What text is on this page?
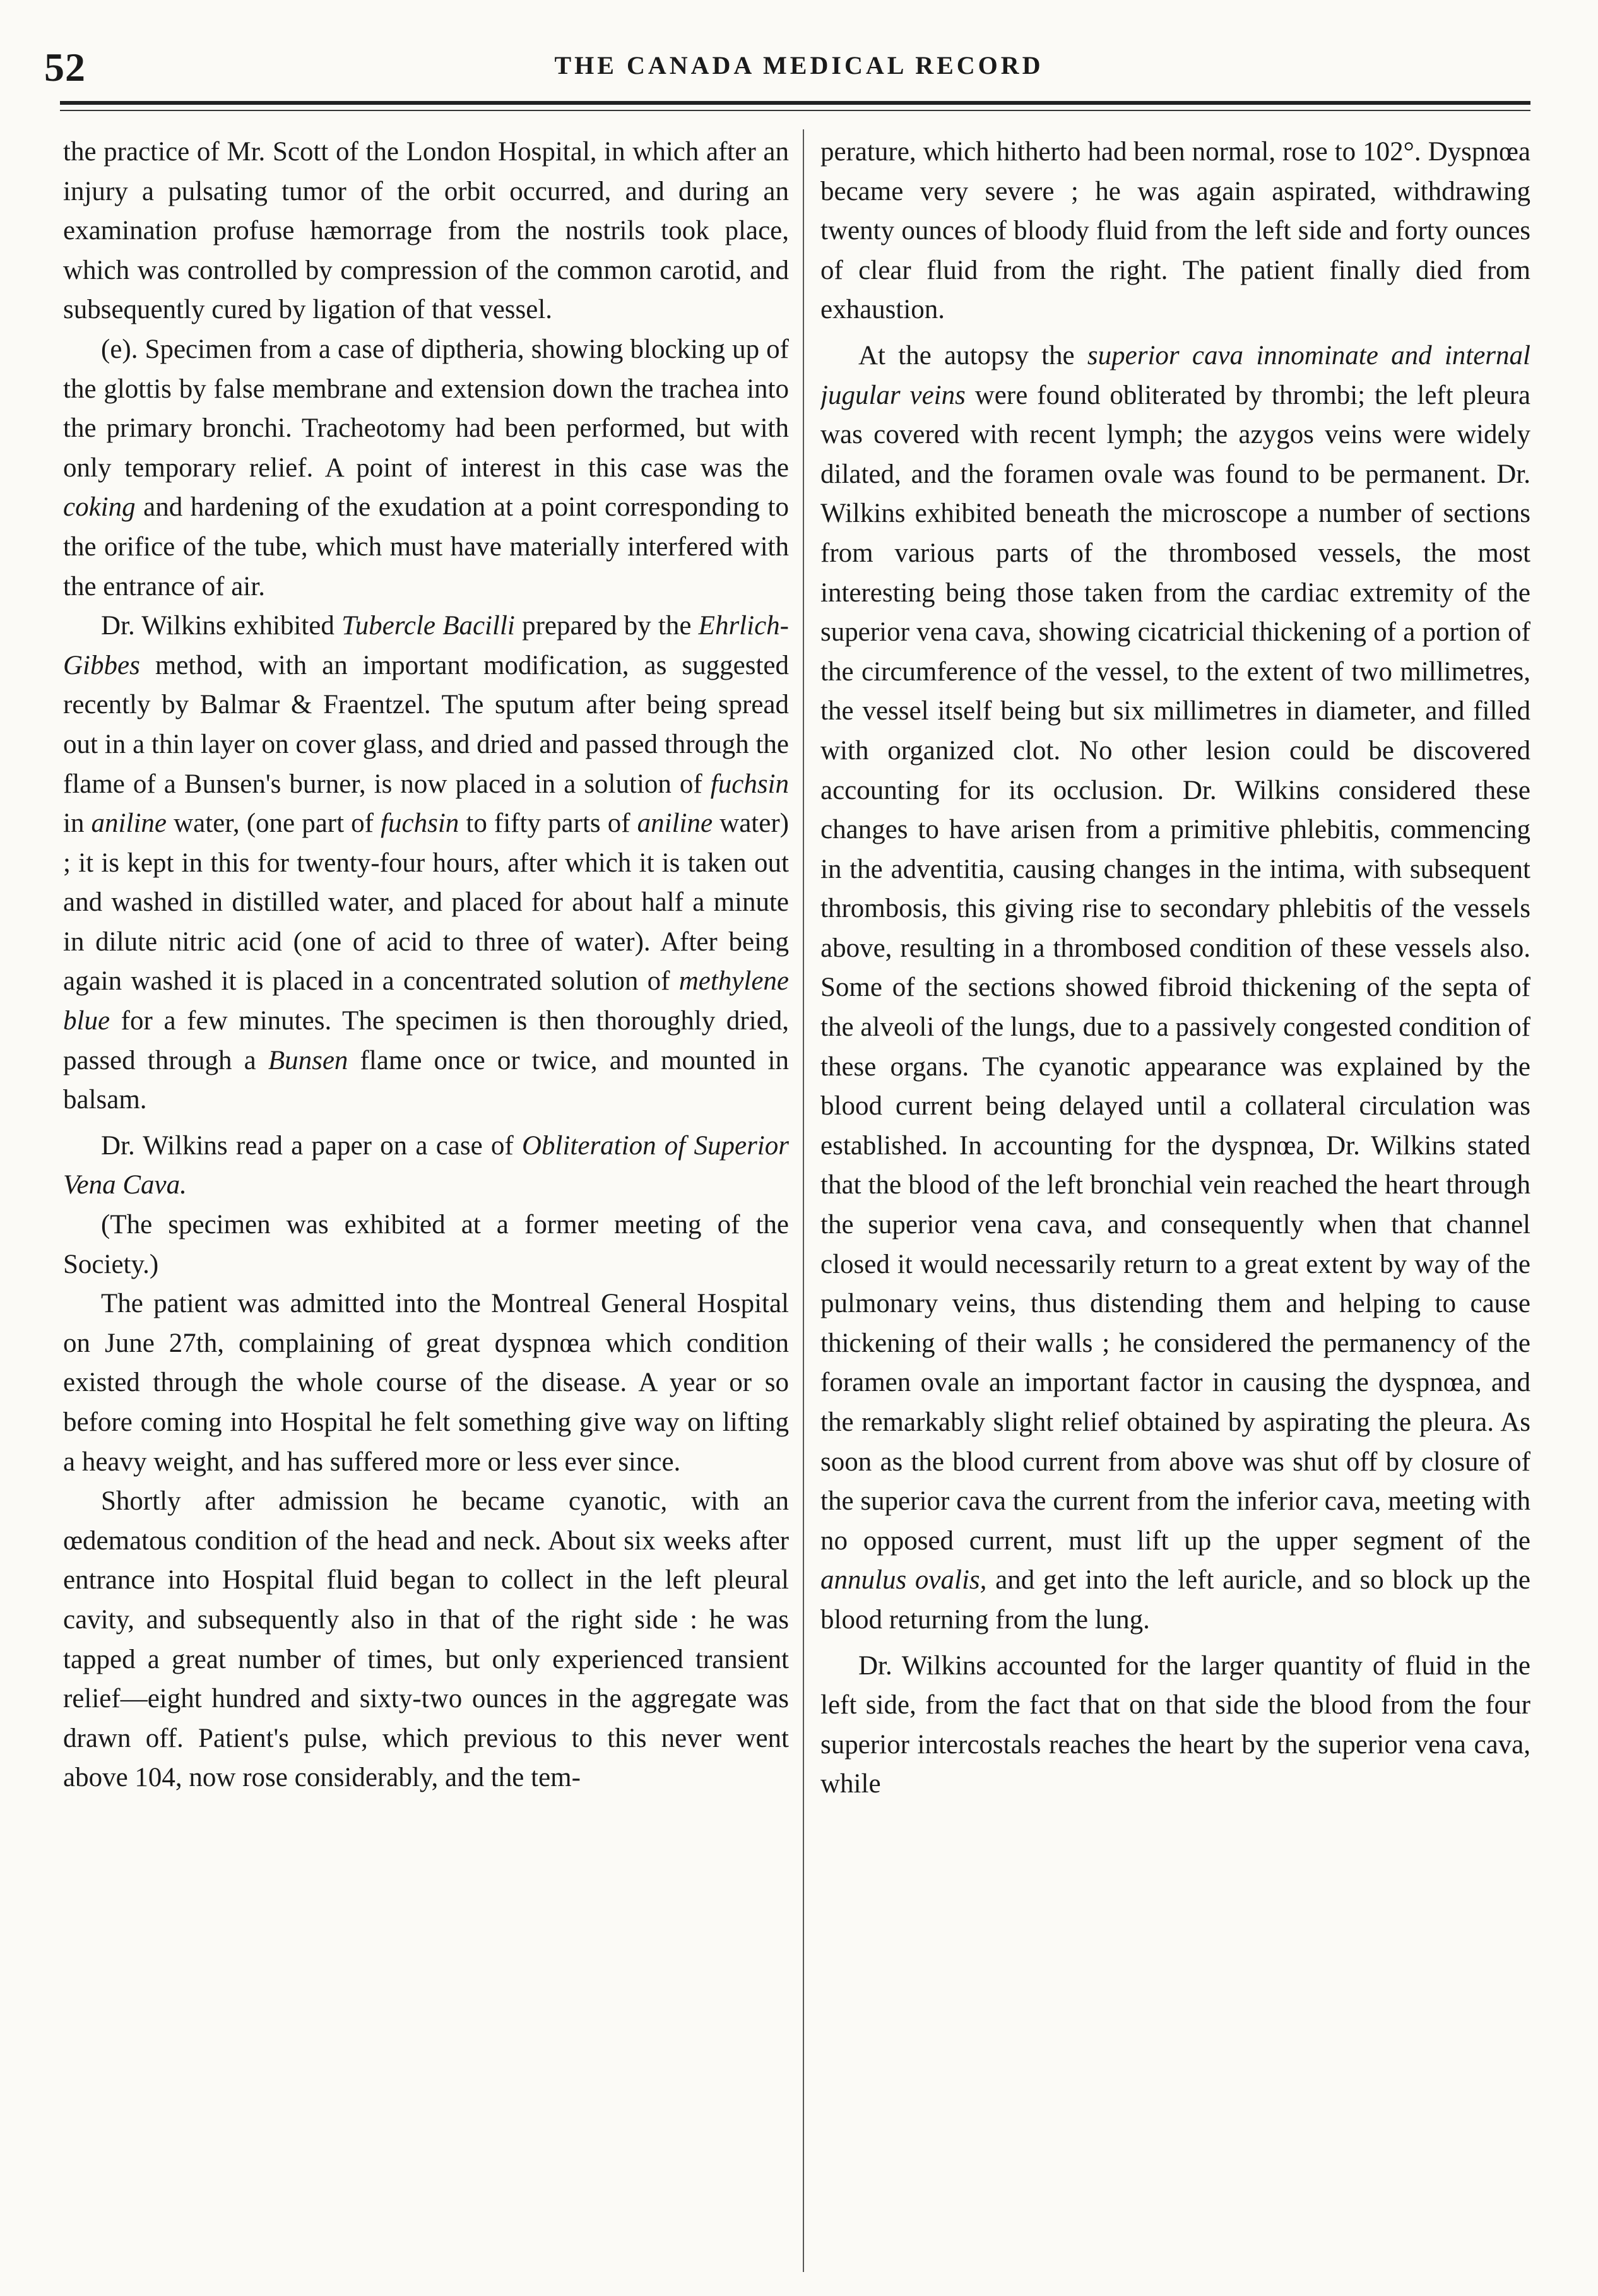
52	THE CANADA MEDICAL RECORD

the practice of Mr. Scott of the London Hospital, in which after an injury a pulsating tumor of the orbit occurred, and during an examination profuse hæmorrage from the nostrils took place, which was controlled by compression of the common carotid, and subsequently cured by ligation of that vessel.

(e). Specimen from a case of diptheria, showing blocking up of the glottis by false membrane and extension down the trachea into the primary bronchi. Tracheotomy had been performed, but with only temporary relief. A point of interest in this case was the coking and hardening of the exudation at a point corresponding to the orifice of the tube, which must have materially interfered with the entrance of air.

Dr. Wilkins exhibited Tubercle Bacilli prepared by the Ehrlich-Gibbes method, with an important modification, as suggested recently by Balmar & Fraentzel. The sputum after being spread out in a thin layer on cover glass, and dried and passed through the flame of a Bunsen's burner, is now placed in a solution of fuchsin in aniline water, (one part of fuchsin to fifty parts of aniline water) ; it is kept in this for twenty-four hours, after which it is taken out and washed in distilled water, and placed for about half a minute in dilute nitric acid (one of acid to three of water). After being again washed it is placed in a concentrated solution of methylene blue for a few minutes. The specimen is then thoroughly dried, passed through a Bunsen flame once or twice, and mounted in balsam.

Dr. Wilkins read a paper on a case of Obliteration of Superior Vena Cava.

(The specimen was exhibited at a former meeting of the Society.)

The patient was admitted into the Montreal General Hospital on June 27th, complaining of great dyspnœa which condition existed through the whole course of the disease. A year or so before coming into Hospital he felt something give way on lifting a heavy weight, and has suffered more or less ever since.

Shortly after admission he became cyanotic, with an œdematous condition of the head and neck. About six weeks after entrance into Hospital fluid began to collect in the left pleural cavity, and subsequently also in that of the right side : he was tapped a great number of times, but only experienced transient relief—eight hundred and sixty-two ounces in the aggregate was drawn off. Patient's pulse, which previous to this never went above 104, now rose considerably, and the tem-

perature, which hitherto had been normal, rose to 102°. Dyspnœa became very severe ; he was again aspirated, withdrawing twenty ounces of bloody fluid from the left side and forty ounces of clear fluid from the right. The patient finally died from exhaustion.

At the autopsy the superior cava innominate and internal jugular veins were found obliterated by thrombi; the left pleura was covered with recent lymph; the azygos veins were widely dilated, and the foramen ovale was found to be permanent. Dr. Wilkins exhibited beneath the microscope a number of sections from various parts of the thrombosed vessels, the most interesting being those taken from the cardiac extremity of the superior vena cava, showing cicatricial thickening of a portion of the circumference of the vessel, to the extent of two millimetres, the vessel itself being but six millimetres in diameter, and filled with organized clot. No other lesion could be discovered accounting for its occlusion. Dr. Wilkins considered these changes to have arisen from a primitive phlebitis, commencing in the adventitia, causing changes in the intima, with subsequent thrombosis, this giving rise to secondary phlebitis of the vessels above, resulting in a thrombosed condition of these vessels also. Some of the sections showed fibroid thickening of the septa of the alveoli of the lungs, due to a passively congested condition of these organs. The cyanotic appearance was explained by the blood current being delayed until a collateral circulation was established. In accounting for the dyspnœa, Dr. Wilkins stated that the blood of the left bronchial vein reached the heart through the superior vena cava, and consequently when that channel closed it would necessarily return to a great extent by way of the pulmonary veins, thus distending them and helping to cause thickening of their walls ; he considered the permanency of the foramen ovale an important factor in causing the dyspnœa, and the remarkably slight relief obtained by aspirating the pleura. As soon as the blood current from above was shut off by closure of the superior cava the current from the inferior cava, meeting with no opposed current, must lift up the upper segment of the annulus ovalis, and get into the left auricle, and so block up the blood returning from the lung.

Dr. Wilkins accounted for the larger quantity of fluid in the left side, from the fact that on that side the blood from the four superior intercostals reaches the heart by the superior vena cava, while
